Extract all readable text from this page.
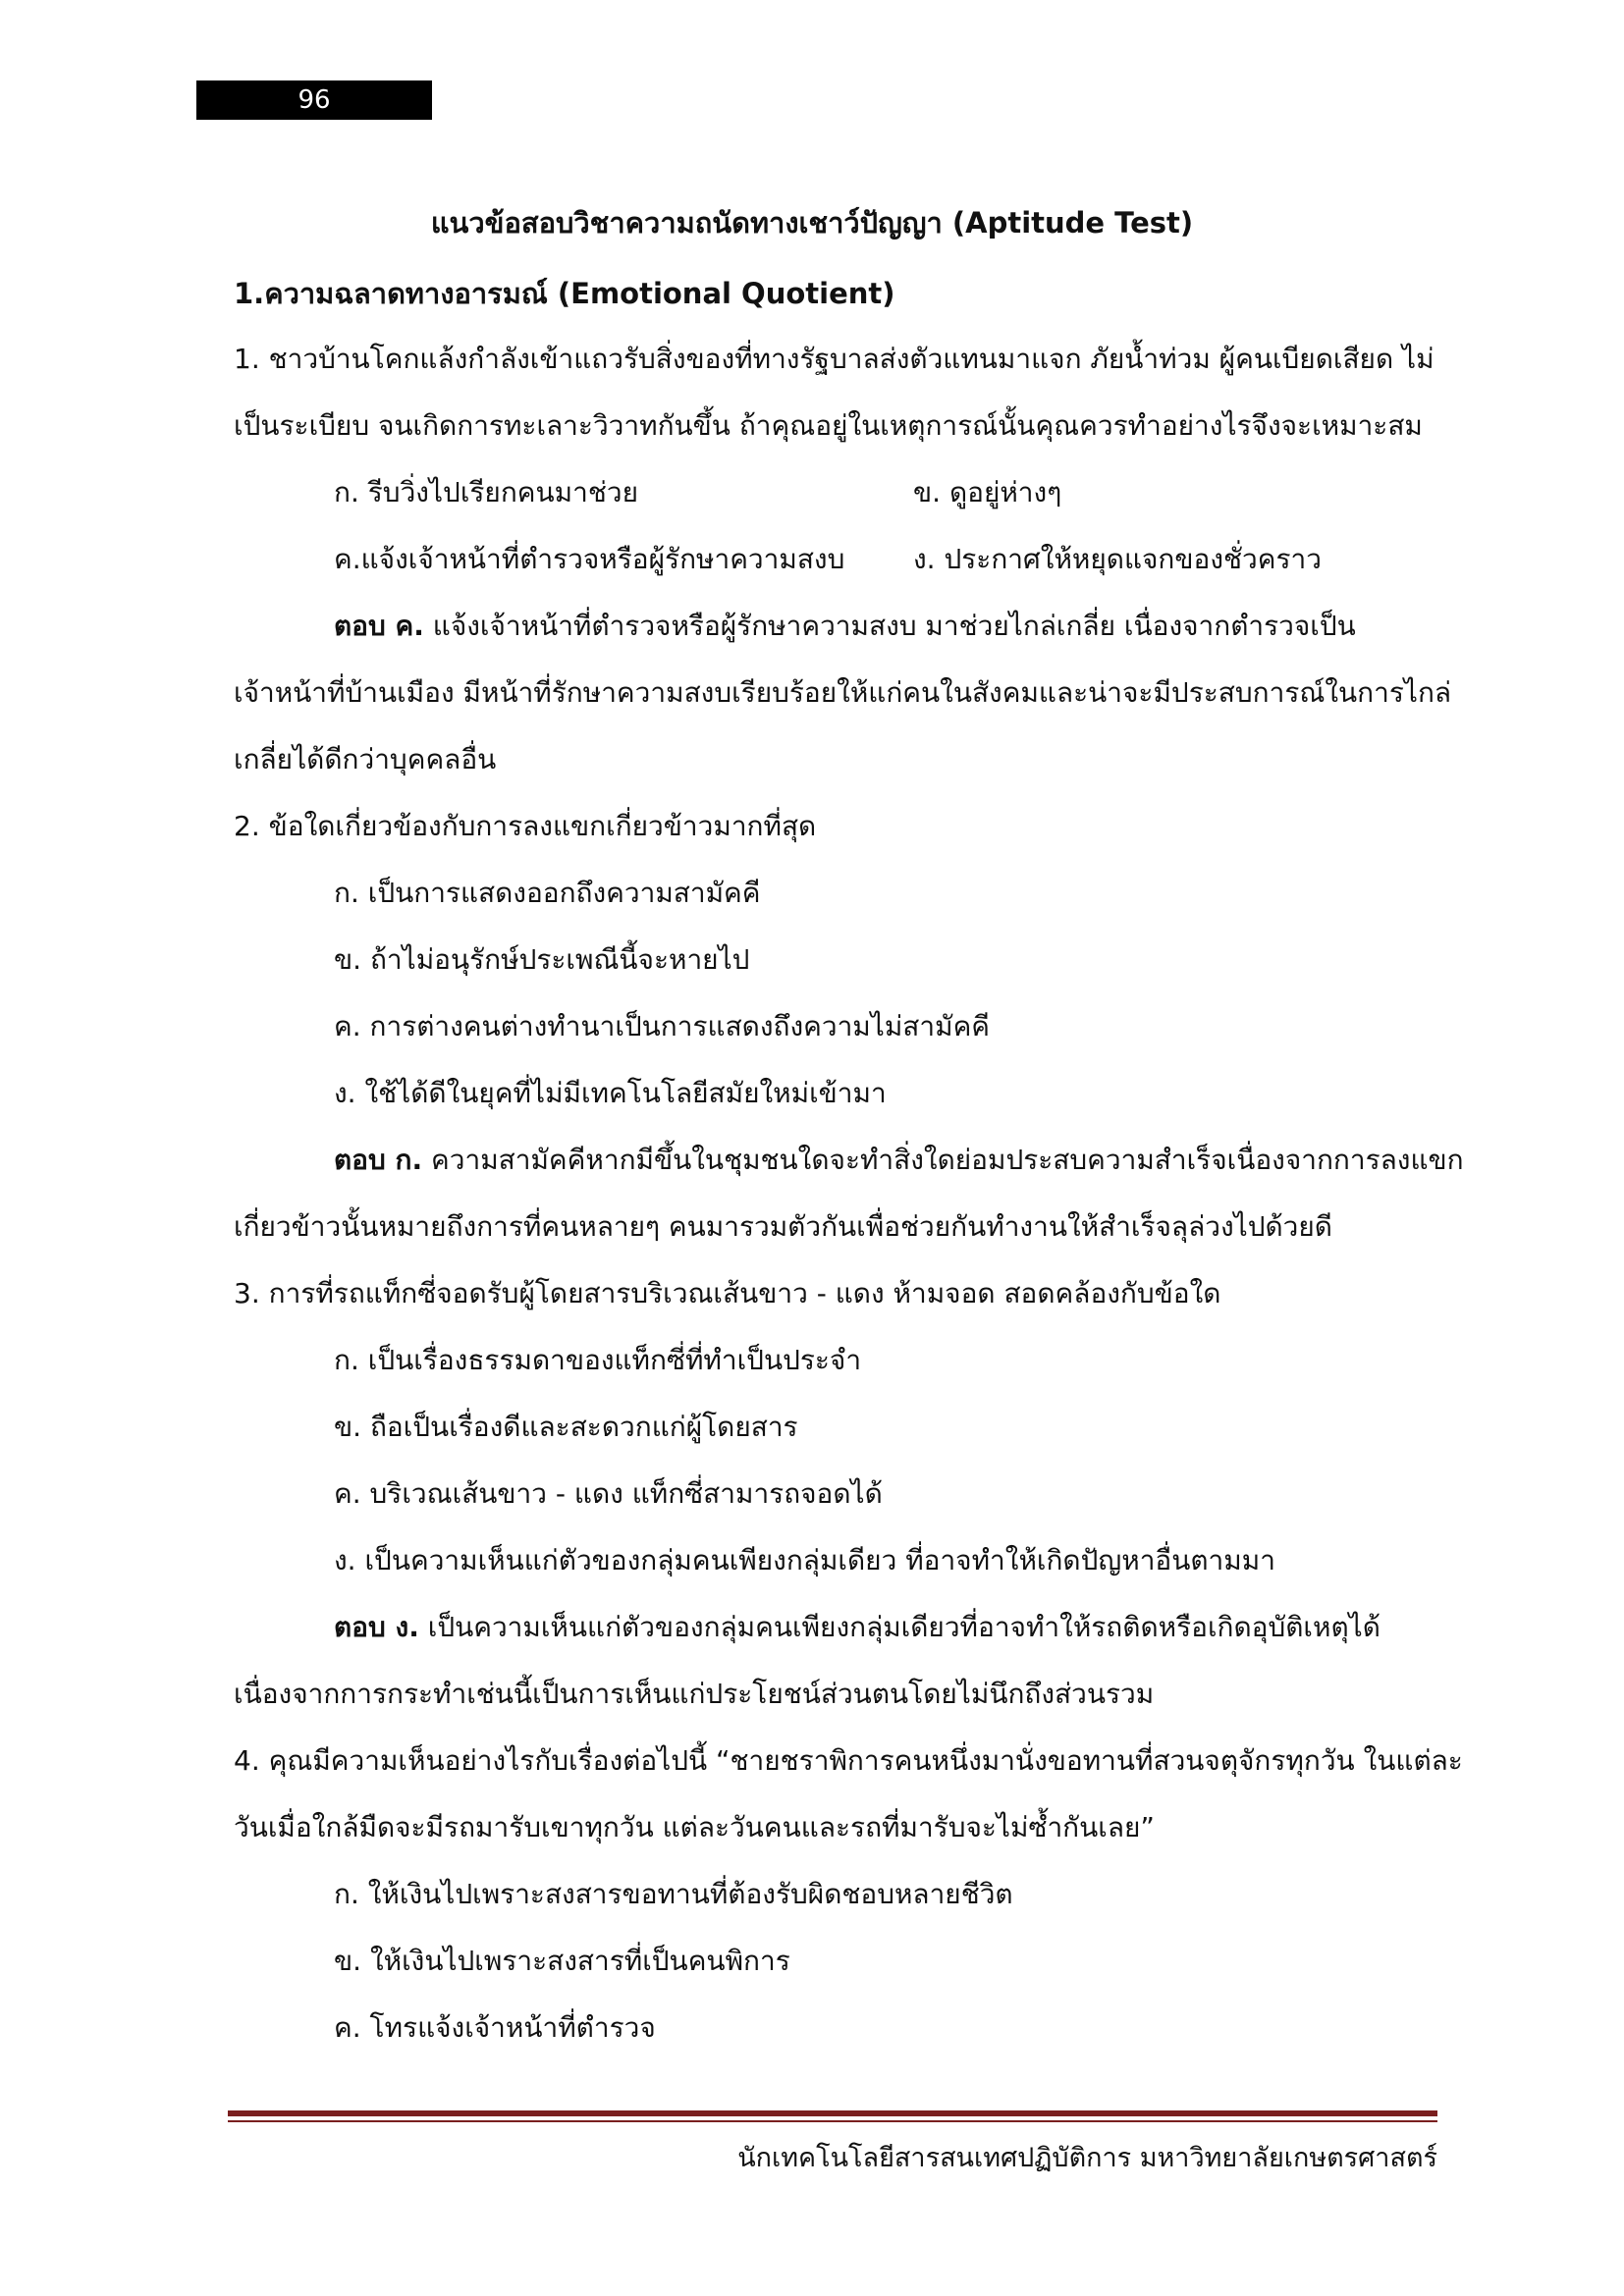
96
แนวข้อสอบวิชาความถนัดทางเชาว์ปัญญา (Aptitude Test)
1.ความฉลาดทางอารมณ์ (Emotional Quotient)

1. ชาวบ้านโคกแล้งกำลังเข้าแถวรับสิ่งของที่ทางรัฐบาลส่งตัวแทนมาแจก ภัยน้ำท่วม ผู้คนเบียดเสียด ไม่

เป็นระเบียบ จนเกิดการทะเลาะวิวาทกันขึ้น ถ้าคุณอยู่ในเหตุการณ์นั้นคุณควรทำอย่างไรจึงจะเหมาะสม

ก. รีบวิ่งไปเรียกคนมาช่วย	ข. ดูอยู่ห่างๆ

ค.แจ้งเจ้าหน้าที่ตำรวจหรือผู้รักษาความสงบ ง. ประกาศให้หยุดแจกของชั่วคราว

ตอบ ค. แจ้งเจ้าหน้าที่ตำรวจหรือผู้รักษาความสงบ มาช่วยไกล่เกลี่ย เนื่องจากตำรวจเป็น

เจ้าหน้าที่บ้านเมือง มีหน้าที่รักษาความสงบเรียบร้อยให้แก่คนในสังคมและน่าจะมีประสบการณ์ในการไกล่

เกลี่ยได้ดีกว่าบุคคลอื่น

2. ข้อใดเกี่ยวข้องกับการลงแขกเกี่ยวข้าวมากที่สุด

ก. เป็นการแสดงออกถึงความสามัคคี

ข. ถ้าไม่อนุรักษ์ประเพณีนี้จะหายไป

ค. การต่างคนต่างทำนาเป็นการแสดงถึงความไม่สามัคคี

ง. ใช้ได้ดีในยุคที่ไม่มีเทคโนโลยีสมัยใหม่เข้ามา

ตอบ ก. ความสามัคคีหากมีขึ้นในชุมชนใดจะทำสิ่งใดย่อมประสบความสำเร็จเนื่องจากการลงแขก

เกี่ยวข้าวนั้นหมายถึงการที่คนหลายๆ คนมารวมตัวกันเพื่อช่วยกันทำงานให้สำเร็จลุล่วงไปด้วยดี

3. การที่รถแท็กซี่จอดรับผู้โดยสารบริเวณเส้นขาว - แดง ห้ามจอด สอดคล้องกับข้อใด

ก. เป็นเรื่องธรรมดาของแท็กซี่ที่ทำเป็นประจำ

ข. ถือเป็นเรื่องดีและสะดวกแก่ผู้โดยสาร

ค. บริเวณเส้นขาว - แดง แท็กซี่สามารถจอดได้

ง. เป็นความเห็นแก่ตัวของกลุ่มคนเพียงกลุ่มเดียว ที่อาจทำให้เกิดปัญหาอื่นตามมา

ตอบ ง. เป็นความเห็นแก่ตัวของกลุ่มคนเพียงกลุ่มเดียวที่อาจทำให้รถติดหรือเกิดอุบัติเหตุได้

เนื่องจากการกระทำเช่นนี้เป็นการเห็นแก่ประโยชน์ส่วนตนโดยไม่นึกถึงส่วนรวม

4. คุณมีความเห็นอย่างไรกับเรื่องต่อไปนี้ “ชายชราพิการคนหนึ่งมานั่งขอทานที่สวนจตุจักรทุกวัน ในแต่ละ

วันเมื่อใกล้มืดจะมีรถมารับเขาทุกวัน แต่ละวันคนและรถที่มารับจะไม่ซ้ำกันเลย”

ก. ให้เงินไปเพราะสงสารขอทานที่ต้องรับผิดชอบหลายชีวิต

ข. ให้เงินไปเพราะสงสารที่เป็นคนพิการ

ค. โทรแจ้งเจ้าหน้าที่ตำรวจ

นักเทคโนโลยีสารสนเทศปฏิบัติการ มหาวิทยาลัยเกษตรศาสตร์
